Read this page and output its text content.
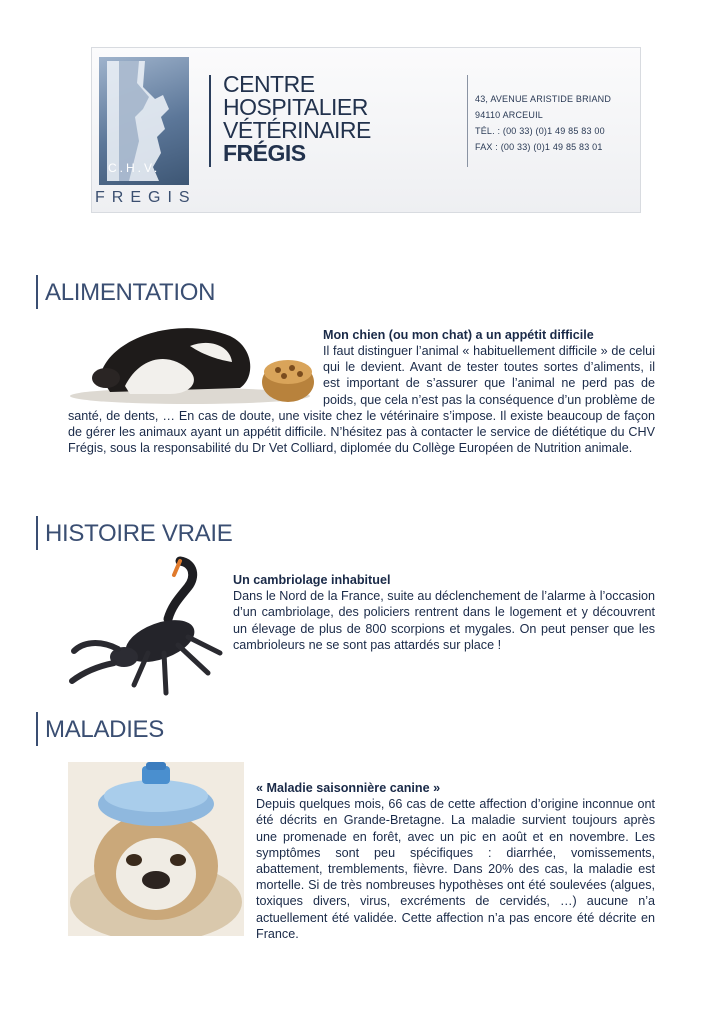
C.H.V.
FREGIS
CENTRE
HOSPITALIER
VÉTÉRINAIRE
FRÉGIS
43, AVENUE ARISTIDE BRIAND
94110 ARCEUIL
TÉL. : (00 33) (0)1 49 85 83 00
FAX : (00 33) (0)1 49 85 83 01
ALIMENTATION
Mon chien (ou mon chat) a un appétit difficile
Il faut distinguer l’animal « habituellement difficile » de celui qui le devient. Avant de tester toutes sortes d’aliments, il est important de s’assurer que l’animal ne perd pas de poids, que cela n’est pas la conséquence d’un problème de santé, de dents, … En cas de doute, une visite chez le vétérinaire s’impose. Il existe beaucoup de façon de gérer les animaux ayant un appétit difficile. N’hésitez pas à contacter le service de diététique du CHV Frégis, sous la responsabilité du Dr Vet Colliard, diplomée du Collège Européen de Nutrition animale.
HISTOIRE VRAIE
Un cambriolage inhabituel
Dans le Nord de la France, suite au déclenchement de l’alarme à l’occasion d’un cambriolage, des policiers rentrent dans le logement et y découvrent un élevage de plus de 800 scorpions et mygales. On peut penser que les cambrioleurs ne se sont pas attardés sur place !
MALADIES
« Maladie saisonnière canine »
Depuis quelques mois, 66 cas de cette affection d’origine inconnue ont été décrits en Grande-Bretagne. La maladie survient toujours après une promenade en forêt, avec un pic en août et en novembre. Les symptômes sont peu spécifiques : diarrhée, vomissements, abattement, tremblements, fièvre. Dans 20% des cas, la maladie est mortelle. Si de très nombreuses hypothèses ont été soulevées (algues, toxiques divers, virus, excréments de cervidés, …) aucune n’a actuellement été validée. Cette affection n’a pas encore été décrite en France.
